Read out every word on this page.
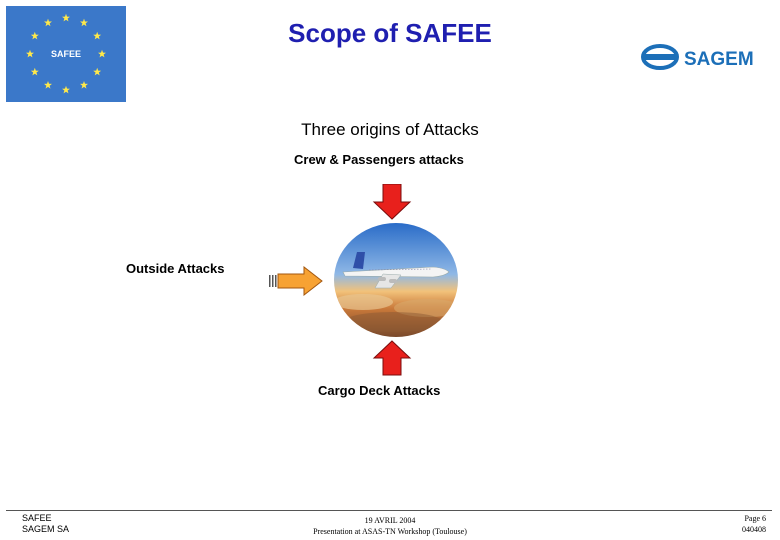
SAFEE
Scope of SAFEE
SAGEM
Three origins of Attacks
Crew & Passengers attacks
Outside Attacks
Cargo Deck Attacks
SAFEE
SAGEM SA
19 AVRIL 2004
Presentation at ASAS-TN Workshop (Toulouse)
Page 6
040408
